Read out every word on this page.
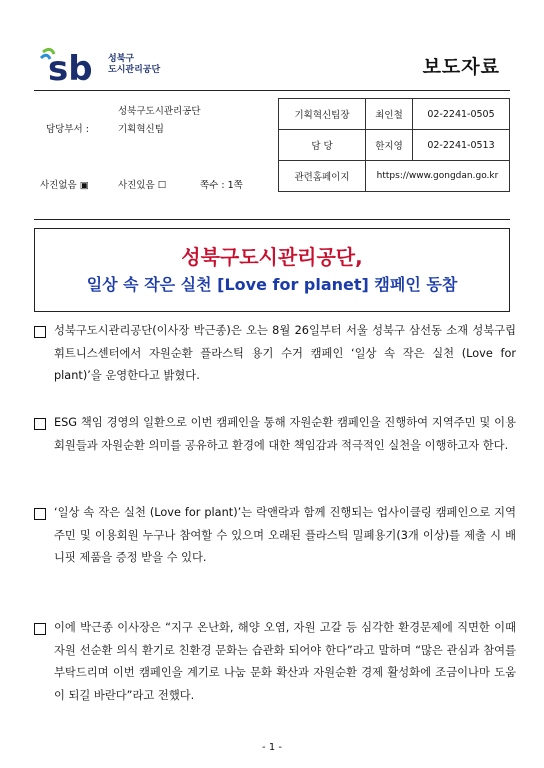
sb 성북구
도시관리공단	보도자료
담당부서 :
성북구도시관리공단
기획혁신팀
사진없음 ▣	사진있음 ☐	쪽수 : 1쪽
기획혁신팀장	최인철	02-2241-0505
담 당	한지영	02-2241-0513
관련홈페이지	https://www.gongdan.go.kr	
성북구도시관리공단,
일상 속 작은 실천 [Love for planet] 캠페인 동참
성북구도시관리공단(이사장 박근종)은 오는 8월 26일부터 서울 성북구 삼선동 소재 성북구립휘트니스센터에서 자원순환 플라스틱 용기 수거 캠페인 ‘일상 속 작은 실천 (Love for plant)’을 운영한다고 밝혔다.
ESG 책임 경영의 일환으로 이번 캠페인을 통해 자원순환 캠페인을 진행하여 지역주민 및 이용 회원들과 자원순환 의미를 공유하고 환경에 대한 책임감과 적극적인 실천을 이행하고자 한다.
‘일상 속 작은 실천 (Love for plant)’는 락앤락과 함께 진행되는 업사이클링 캠페인으로 지역주민 및 이용회원 누구나 참여할 수 있으며 오래된 플라스틱 밀폐용기(3개 이상)를 제출 시 배니핏 제품을 증정 받을 수 있다.
이에 박근종 이사장은 “지구 온난화, 해양 오염, 자원 고갈 등 심각한 환경문제에 직면한 이때 자원 선순환 의식 환기로 친환경 문화는 습관화 되어야 한다”라고 말하며 “많은 관심과 참여를 부탁드리며 이번 캠페인을 계기로 나눔 문화 확산과 자원순환 경제 활성화에 조금이나마 도움이 되길 바란다”라고 전했다.
- 1 -
